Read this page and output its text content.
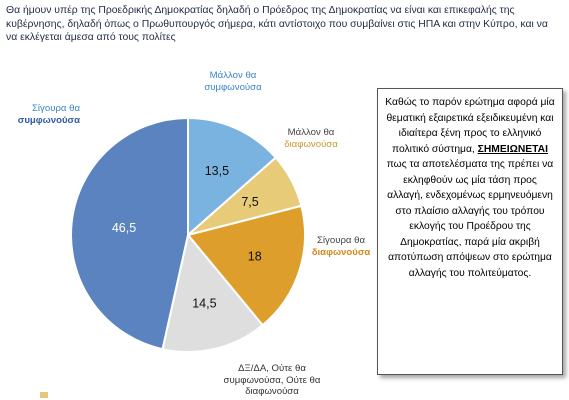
Θα ήμουν υπέρ της Προεδρικής Δημοκρατίας δηλαδή ο Πρόεδρος της Δημοκρατίας να είναι και επικεφαλής της κυβέρνησης, δηλαδή όπως ο Πρωθυπουργός σήμερα, κάτι αντίστοιχο που συμβαίνει στις ΗΠΑ και στην Κύπρο, και να να εκλέγεται άμεσα από τους πολίτες
13,5
7,5
18
14,5
46,5
Μάλλον θα
συμφωνούσα
Μάλλον θα
διαφωνούσα
Σίγουρα θα
διαφωνούσα
ΔΞ/ΔΑ, Ούτε θα
συμφωνούσα, Ούτε θα
διαφωνούσα
Σίγουρα θα
συμφωνούσα
Καθώς το παρόν ερώτημα αφορά μία θεματική εξαιρετικά εξειδικευμένη και ιδιαίτερα ξένη προς το ελληνικό πολιτικό σύστημα, ΣΗΜΕΙΩΝΕΤΑΙ πως τα αποτελέσματα της πρέπει να εκληφθούν ως μία τάση προς αλλαγή, ενδεχομένως ερμηνευόμενη στο πλαίσιο αλλαγής του τρόπου εκλογής του Προέδρου της Δημοκρατίας, παρά μία ακριβή αποτύπωση απόψεων στο ερώτημα αλλαγής του πολιτεύματος.
